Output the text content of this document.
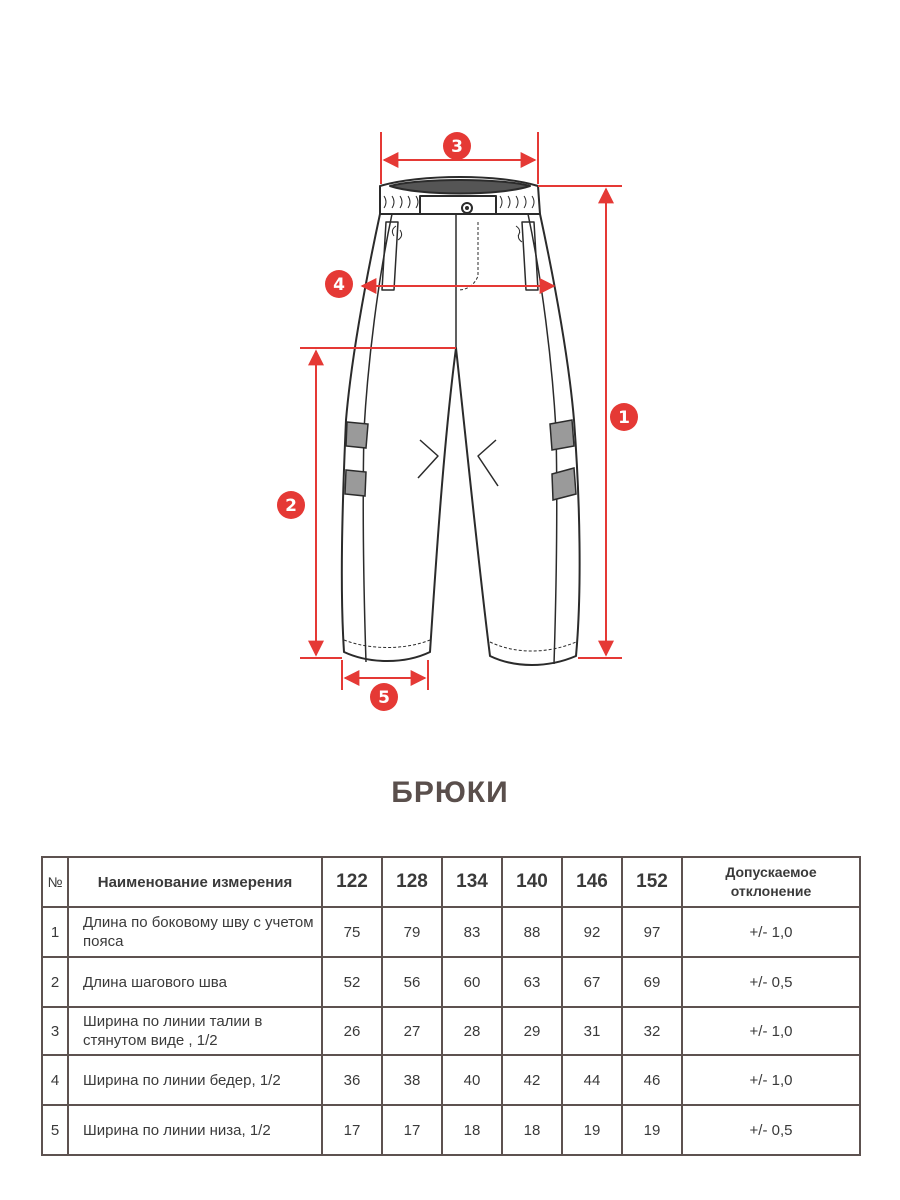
1
2
3
4
5
БРЮКИ
№	Наименование измерения	122	128	134	140	146	152	Допускаемое
отклонение
1	Длина по боковому шву с учетом пояса	75	79	83	88	92	97	+/- 1,0
2	Длина шагового шва	52	56	60	63	67	69	+/- 0,5
3	Ширина по линии талии в стянутом виде , 1/2	26	27	28	29	31	32	+/- 1,0
4	Ширина по линии бедер, 1/2	36	38	40	42	44	46	+/- 1,0
5	Ширина по линии низа, 1/2	17	17	18	18	19	19	+/- 0,5
